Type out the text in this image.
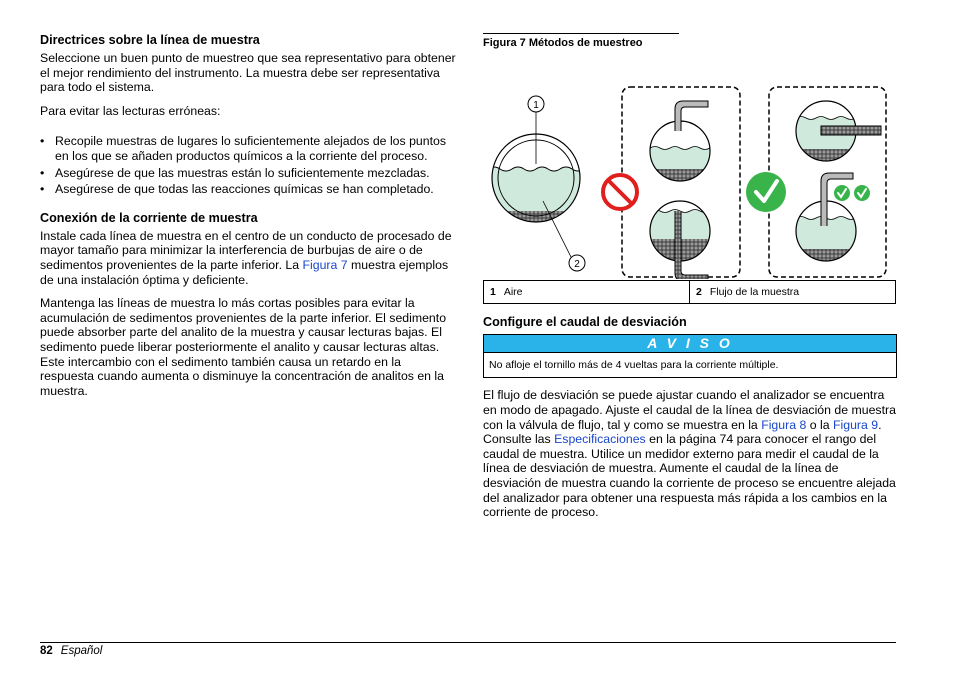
Directrices sobre la línea de muestra

Seleccione un buen punto de muestreo que sea representativo para obtener el mejor rendimiento del instrumento. La muestra debe ser representativa para todo el sistema.

Para evitar las lecturas erróneas:

• Recopile muestras de lugares lo suficientemente alejados de los puntos en los que se añaden productos químicos a la corriente del proceso.
• Asegúrese de que las muestras están lo suficientemente mezcladas.
• Asegúrese de que todas las reacciones químicas se han completado.
Conexión de la corriente de muestra

Instale cada línea de muestra en el centro de un conducto de procesado de mayor tamaño para minimizar la interferencia de burbujas de aire o de sedimentos provenientes de la parte inferior. La Figura 7 muestra ejemplos de una instalación óptima y deficiente.

Mantenga las líneas de muestra lo más cortas posibles para evitar la acumulación de sedimentos provenientes de la parte inferior. El sedimento puede absorber parte del analito de la muestra y causar lecturas bajas. El sedimento puede liberar posteriormente el analito y causar lecturas altas. Este intercambio con el sedimento también causa un retardo en la respuesta cuando aumenta o disminuye la concentración de analitos en la muestra.

Figura 7 Métodos de muestreo
1
2
1 Aire	2 Flujo de la muestra
Configure el caudal de desviación
A V I S O
No afloje el tornillo más de 4 vueltas para la corriente múltiple.

El flujo de desviación se puede ajustar cuando el analizador se encuentra en modo de apagado. Ajuste el caudal de la línea de desviación de muestra con la válvula de flujo, tal y como se muestra en la Figura 8 o la Figura 9. Consulte las Especificaciones en la página 74 para conocer el rango del caudal de muestra. Utilice un medidor externo para medir el caudal de la línea de desviación de muestra. Aumente el caudal de la línea de desviación de muestra cuando la corriente de proceso se encuentre alejada del analizador para obtener una respuesta más rápida a los cambios en la corriente de proceso.

82 Español
